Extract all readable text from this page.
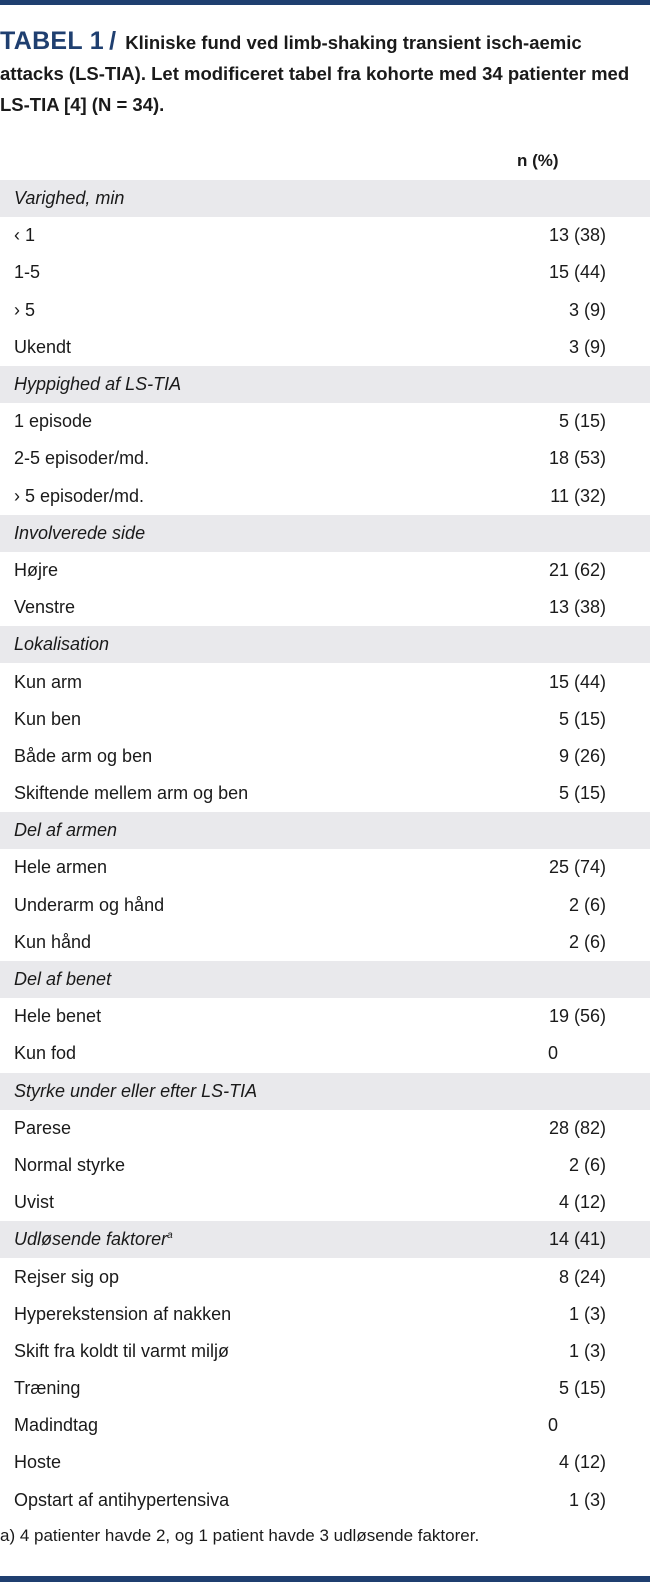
TABEL 1 / Kliniske fund ved limb-shaking transient isch-aemic attacks (LS-TIA). Let modificeret tabel fra kohorte med 34 patienter med LS-TIA [4] (N = 34).
n (%)
Varighed, min
‹ 1	13 (38)
1-5	15 (44)
› 5	3 (9)
Ukendt	3 (9)
Hyppighed af LS-TIA
1 episode	5 (15)
2-5 episoder/md.	18 (53)
› 5 episoder/md.	11 (32)
Involverede side
Højre	21 (62)
Venstre	13 (38)
Lokalisation
Kun arm	15 (44)
Kun ben	5 (15)
Både arm og ben	9 (26)
Skiftende mellem arm og ben	5 (15)
Del af armen
Hele armen	25 (74)
Underarm og hånd	2 (6)
Kun hånd	2 (6)
Del af benet
Hele benet	19 (56)
Kun fod	0
Styrke under eller efter LS-TIA
Parese	28 (82)
Normal styrke	2 (6)
Uvist	4 (12)
Udløsende faktorer$^a$	14 (41)
Rejser sig op	8 (24)
Hyperekstension af nakken	1 (3)
Skift fra koldt til varmt miljø	1 (3)
Træning	5 (15)
Madindtag	0
Hoste	4 (12)
Opstart af antihypertensiva	1 (3)
a) 4 patienter havde 2, og 1 patient havde 3 udløsende faktorer.
